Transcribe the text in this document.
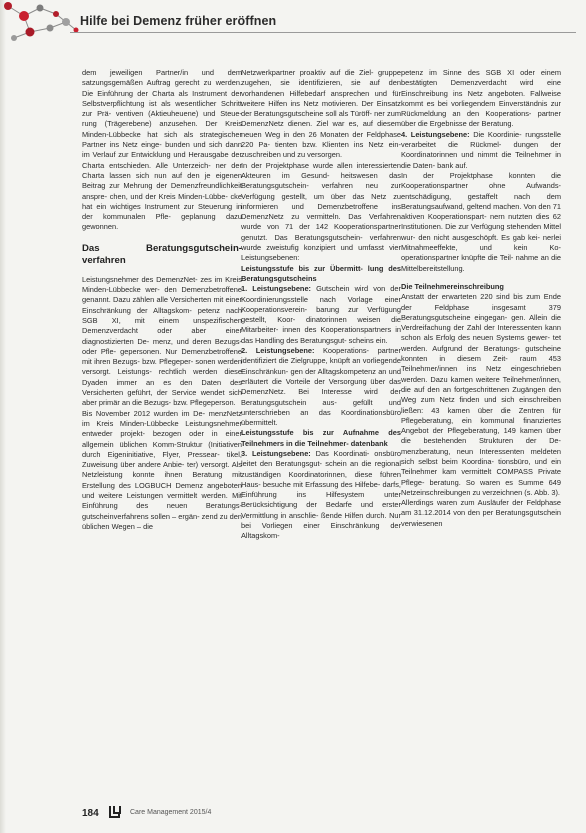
Hilfe bei Demenz früher eröffnen

dem jeweiligen Partner/in und dem satzungsgemäßen Auftrag gerecht zu werden. Die Einführung der Charta als Instrument der Selbstverpflichtung ist als wesentlicher Schritt zur Prä- ventiven (Aktieuheuene) und Steue- rung (Trägerebene) anzusehen. Der Kreis Minden-Lübbecke hat sich als strategischer Partner ins Netz einge- bunden und sich dann im Verlauf zur Entwicklung und Herausgabe der Charta entschieden. Alle Unterzeich- ner der Charta lassen sich nun auf den je eigenen Beitrag zur Mehrung der Demenzfreundlichkeit anspre- chen, und der Kreis Minden-Lübbe- cke hat ein wichtiges Instrument zur Steuerung in der kommunalen Pfle- geplanung dazu gewonnen.

Das Beratungsgutschein- verfahren

Leistungsnehmer des DemenzNet- zes im Kreis Minden-Lübbecke wer- den Demenzbetroffene genannt. Dazu zählen alle Versicherten mit einer Einschränkung der Alltagskom- petenz nach SGB XI, mit einem unspezifischen Demenzverdacht oder aber einer diagnostizierten De- menz, und deren Bezugs- oder Pfle- gepersonen. Nur Demenzbetroffene mit ihren Bezugs- bzw. Pflegeper- sonen werden versorgt. Leistungs- rechtlich werden diese Dyaden immer an es den Daten des Versicherten geführt, der Service wendet sich aber primär an die Bezugs- bzw. Pflegeperson.

Bis November 2012 wurden im De- menzNetz im Kreis Minden-Lübbecke Leistungsnehmer entweder projekt- bezogen oder in einer allgemein üblichen Komm-Struktur (Initiativen durch Eigeninitiative, Flyer, Pressear- tikel, Zuweisung über andere Anbie- ter) versorgt. Als Netzleistung konnte ihnen Beratung mit Erstellung des LOGBUCH Demenz angeboten und weitere Leistungen vermittelt werden. Mit Einführung des neuen Beratungs- gutscheinverfahrens sollen – ergän- zend zu den üblichen Wegen – die

Netzwerkpartner proaktiv auf die Ziel- gruppe zugehen, sie identifizieren, sie auf den vorhandenen Hilfebedarf ansprechen und für weitere Hilfen ins Netz motivieren. Der Einsatz der Beratungsgutscheine soll als Türöff- ner zum DemenzNetz dienen. Ziel war es, auf diesem neuen Weg in den 26 Monaten der Feldphase 220 Pa- tienten bzw. Klienten ins Netz ein- zuschreiben und zu versorgen.

In der Projektphase wurde allen interessierten Akteuren im Gesund- heitswesen das Beratungsgutschein- verfahren neu zur Verfügung gestellt, um über das Netz zu informieren und Demenzbetroffene ins DemenzNetz zu vermitteln. Das Verfahren wurde von 71 der 142 Kooperationspartner genutzt. Das Beratungsgutschein- verfahren wurde zweistufig konzipiert und umfasst vier Leistungsebenen:

Leistungsstufe bis zur Übermitt- lung des Beratungsgutscheins

1. Leistungsebene: Gutschein wird von der Koordinierungsstelle nach Vorlage einer Kooperationsverein- barung zur Verfügung gestellt, Koor- dinatorinnen weisen die Mitarbeiter- innen des Kooperationspartners in das Handling des Beratungsgut- scheins ein.

2. Leistungsebene: Kooperations- partner identifiziert die Zielgruppe, knüpft an vorliegende Einschränkun- gen der Alltagskompetenz an und erläutert die Vorteile der Versorgung über das DemenzNetz. Bei Interesse wird der Beratungsgutschein aus- gefüllt und unterschrieben an das Koordinationsbüro übermittelt.

Leistungsstufe bis zur Aufnahme des Teilnehmers in die Teilnehmer- datenbank

3. Leistungsebene: Das Koordinati- onsbüro leitet den Beratungsgut- schein an die regional zuständigen Koordinatorinnen, diese führen Haus- besuche mit Erfassung des Hilfebe- darfs, Einführung ins Hilfesystem unter Berücksichtigung der Bedarfe und erster Vermittlung in anschlie- ßende Hilfen durch. Nur bei Vorliegen einer Einschränkung der Alltagskom-

petenz im Sinne des SGB XI oder einem bestätigten Demenzverdacht wird eine Einschreibung ins Netz angeboten. Fallweise kommt es bei vorliegendem Einverständnis zur Rückmeldung an den Kooperations- partner über die Ergebnisse der Beratung.

4. Leistungsebene: Die Koordinie- rungsstelle verarbeitet die Rückmel- dungen der Koordinatorinnen und nimmt die Teilnehmer in die Daten- bank auf.

In der Projektphase konnten die Kooperationspartner ohne Aufwands- entschädigung, gestaffelt nach dem Beratungsaufwand, geltend machen. Von den 71 aktiven Kooperationspart- nern nutzten dies 62 Institutionen. Die zur Verfügung stehenden Mittel wur- den nicht ausgeschöpft. Es gab kei- nerlei Mitnahmeeffekte, und kein Ko- operationspartner knüpfte die Teil- nahme an die Mittelbereitstellung.

Die Teilnehmereinschreibung

Anstatt der erwarteten 220 sind bis zum Ende der Feldphase insgesamt 379 Beratungsgutscheine eingegan- gen. Allein die Verdreifachung der Zahl der Interessenten kann schon als Erfolg des neuen Systems gewer- tet werden. Aufgrund der Beratungs- gutscheine konnten in diesem Zeit- raum 453 Teilnehmer/innen ins Netz eingeschrieben werden. Dazu kamen weitere Teilnehmer/innen, die auf den an fortgeschrittenen Zugängen den Weg zum Netz finden und sich einschreiben ließen: 43 kamen über die Zentren für Pflegeberatung, ein kommunal finanziertes Angebot der Pflegeberatung, 149 kamen über die bestehenden Strukturen der De- menzberatung, neun Interessenten meldeten sich selbst beim Koordina- tionsbüro, und ein Teilnehmer kam vermittelt COMPASS Private Pflege- beratung. So waren es Summe 649 Netzeinschreibungen zu verzeichnen (s. Abb. 3).

Allerdings waren zum Ausläufer der Feldphase am 31.12.2014 von den per Beratungsgutschein verwiesenen

184	Care Management 2015/4
